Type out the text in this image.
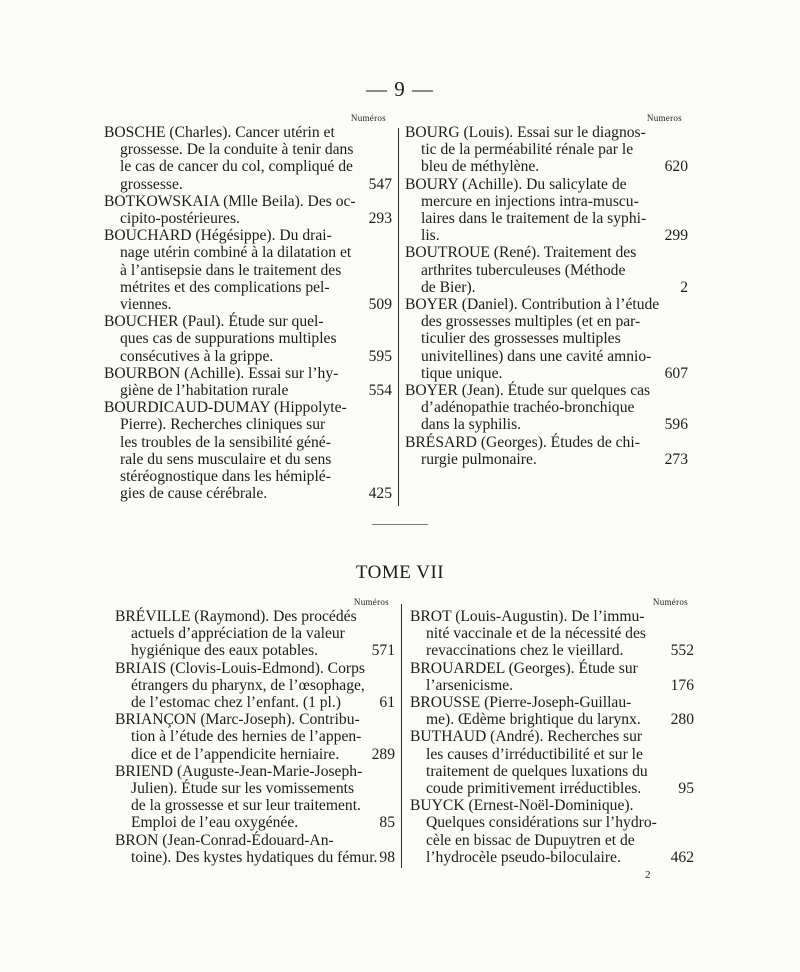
— 9 —
Numéros
BOSCHE (Charles). Cancer utérin et
grossesse. De la conduite à tenir dans
le cas de cancer du col, compliqué de
grossesse.	547
BOTKOWSKAIA (Mlle Beila). Des oc-
cipito-postérieures.	293
BOUCHARD (Hégésippe). Du drai-
nage utérin combiné à la dilatation et
à l’antisepsie dans le traitement des
métrites et des complications pel-
viennes.	509
BOUCHER (Paul). Étude sur quel-
ques cas de suppurations multiples
consécutives à la grippe.	595
BOURBON (Achille). Essai sur l’hy-
giène de l’habitation rurale	554
BOURDICAUD-DUMAY (Hippolyte-
Pierre). Recherches cliniques sur
les troubles de la sensibilité géné-
rale du sens musculaire et du sens
stéréognostique dans les hémiplé-
gies de cause cérébrale.	425
Numeros
BOURG (Louis). Essai sur le diagnos-
tic de la perméabilité rénale par le
bleu de méthylène.	620
BOURY (Achille). Du salicylate de
mercure en injections intra-muscu-
laires dans le traitement de la syphi-
lis.	299
BOUTROUE (René). Traitement des
arthrites tuberculeuses (Méthode
de Bier).	2
BOYER (Daniel). Contribution à l’étude
des grossesses multiples (et en par-
ticulier des grossesses multiples
univitellines) dans une cavité amnio-
tique unique.	607
BOYER (Jean). Étude sur quelques cas
d’adénopathie trachéo-bronchique
dans la syphilis.	596
BRÉSARD (Georges). Études de chi-
rurgie pulmonaire.	273
TOME VII
Numéros
BRÉVILLE (Raymond). Des procédés
actuels d’appréciation de la valeur
hygiénique des eaux potables.	571
BRIAIS (Clovis-Louis-Edmond). Corps
étrangers du pharynx, de l’œsophage,
de l’estomac chez l’enfant. (1 pl.) 61
BRIANÇON (Marc-Joseph). Contribu-
tion à l’étude des hernies de l’appen-
dice et de l’appendicite herniaire. 289
BRIEND (Auguste-Jean-Marie-Joseph-
Julien). Étude sur les vomissements
de la grossesse et sur leur traitement.
Emploi de l’eau oxygénée.	85
BRON (Jean-Conrad-Édouard-An-
toine). Des kystes hydatiques du fémur. 98
Numéros
BROT (Louis-Augustin). De l’immu-
nité vaccinale et de la nécessité des
revaccinations chez le vieillard.	552
BROUARDEL (Georges). Étude sur
l’arsenicisme.	176
BROUSSE (Pierre-Joseph-Guillau-
me). Œdème brightique du larynx. 280
BUTHAUD (André). Recherches sur
les causes d’irréductibilité et sur le
traitement de quelques luxations du
coude primitivement irréductibles. 95
BUYCK (Ernest-Noël-Dominique).
Quelques considérations sur l’hydro-
cèle en bissac de Dupuytren et de
l’hydrocèle pseudo-biloculaire.	462
2
